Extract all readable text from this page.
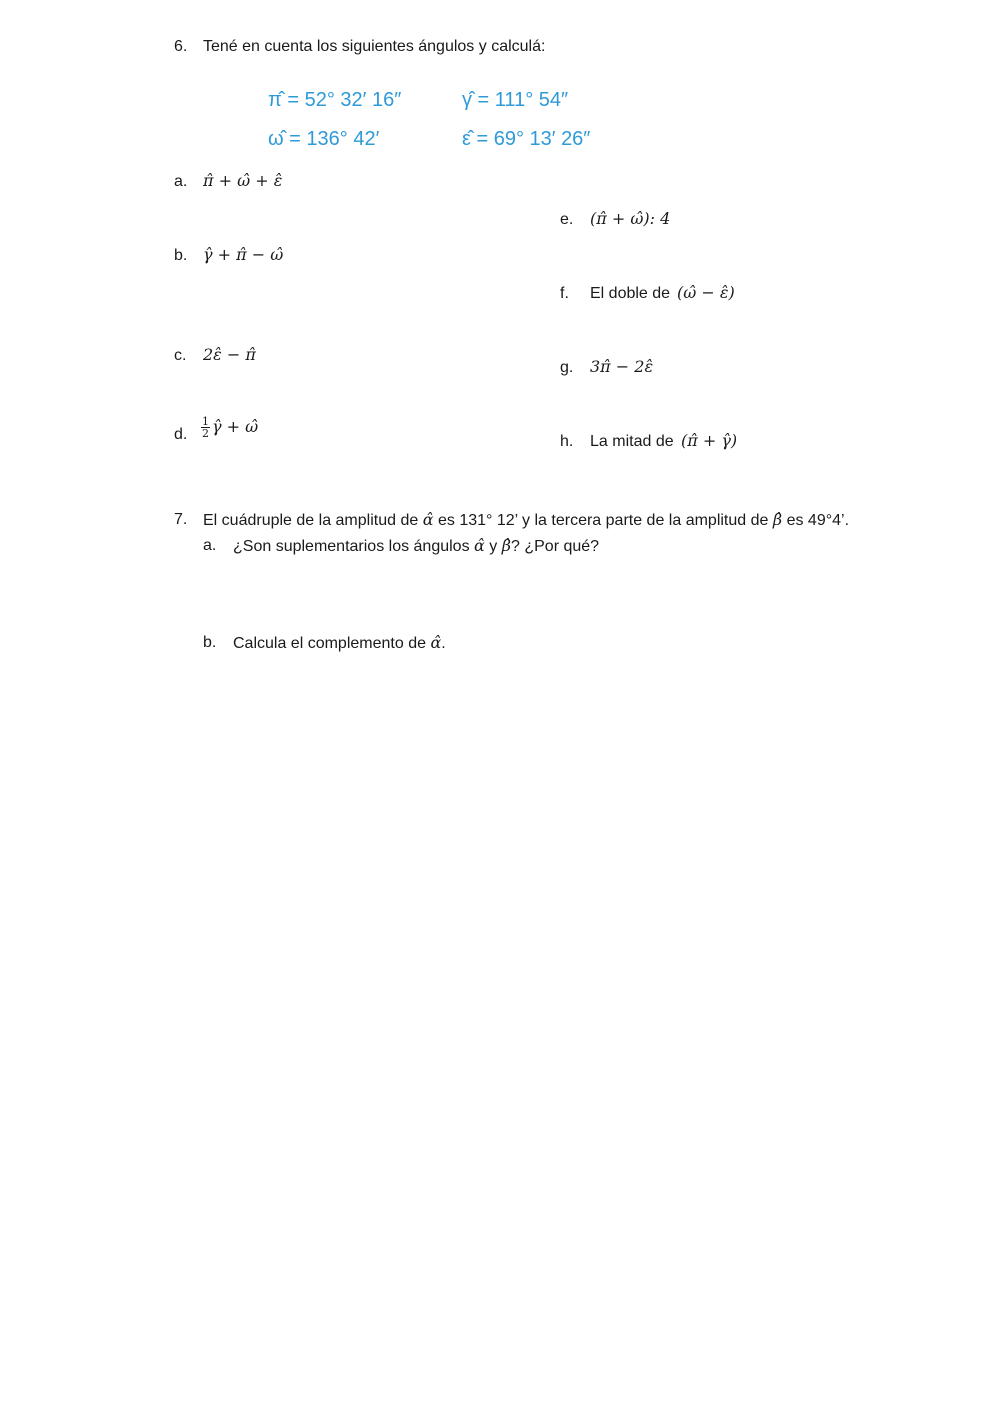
6. Tené en cuenta los siguientes ángulos y calculá:
π̂ = 52° 32′ 16″	γ̂ = 111° 54″
ω̂ = 136° 42′	ε̂ = 69° 13′ 26″
a. π̂ + ω̂ + ε̂
b. γ̂ + π̂ − ω̂
c. 2ε̂ − π̂
d. $\frac{1}{2}$ γ̂ + ω̂
e. (π̂ + ω̂): 4
f. El doble de (ω̂ − ε̂)
g. 3π̂ − 2ε̂
h. La mitad de (π̂ + γ̂)
7. El cuádruple de la amplitud de α̂ es 131° 12’ y la tercera parte de la amplitud de β̂ es 49°4’.
a. ¿Son suplementarios los ángulos α̂ y β̂? ¿Por qué?
b. Calcula el complemento de α̂.
